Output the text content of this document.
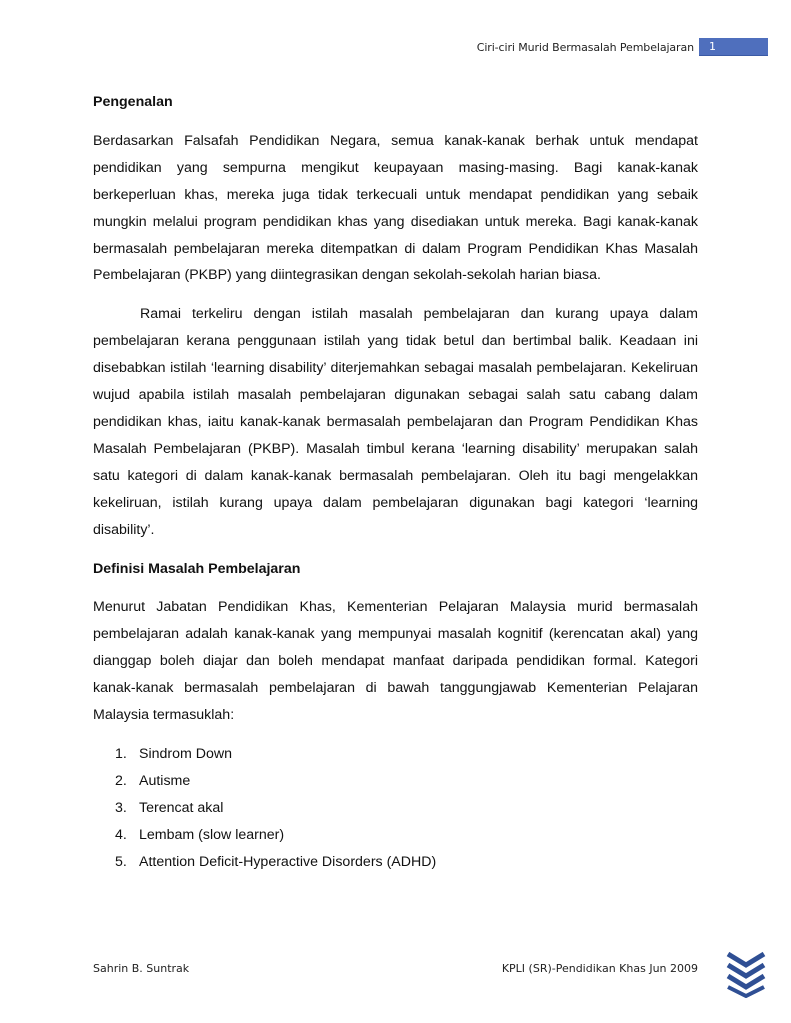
Ciri-ciri Murid Bermasalah Pembelajaran	1
Pengenalan

Berdasarkan Falsafah Pendidikan Negara, semua kanak-kanak berhak untuk mendapat pendidikan yang sempurna mengikut keupayaan masing-masing. Bagi kanak-kanak berkeperluan khas, mereka juga tidak terkecuali untuk mendapat pendidikan yang sebaik mungkin melalui program pendidikan khas yang disediakan untuk mereka. Bagi kanak-kanak bermasalah pembelajaran mereka ditempatkan di dalam Program Pendidikan Khas Masalah Pembelajaran (PKBP) yang diintegrasikan dengan sekolah-sekolah harian biasa.

Ramai terkeliru dengan istilah masalah pembelajaran dan kurang upaya dalam pembelajaran kerana penggunaan istilah yang tidak betul dan bertimbal balik. Keadaan ini disebabkan istilah ‘learning disability’ diterjemahkan sebagai masalah pembelajaran. Kekeliruan wujud apabila istilah masalah pembelajaran digunakan sebagai salah satu cabang dalam pendidikan khas, iaitu kanak-kanak bermasalah pembelajaran dan Program Pendidikan Khas Masalah Pembelajaran (PKBP). Masalah timbul kerana ‘learning disability’ merupakan salah satu kategori di dalam kanak-kanak bermasalah pembelajaran. Oleh itu bagi mengelakkan kekeliruan, istilah kurang upaya dalam pembelajaran digunakan bagi kategori ‘learning disability’.

Definisi Masalah Pembelajaran

Menurut Jabatan Pendidikan Khas, Kementerian Pelajaran Malaysia murid bermasalah pembelajaran adalah kanak-kanak yang mempunyai masalah kognitif (kerencatan akal) yang dianggap boleh diajar dan boleh mendapat manfaat daripada pendidikan formal. Kategori kanak-kanak bermasalah pembelajaran di bawah tanggungjawab Kementerian Pelajaran Malaysia termasuklah:

1. Sindrom Down
2. Autisme
3. Terencat akal
4. Lembam (slow learner)
5. Attention Deficit-Hyperactive Disorders (ADHD)
Sahrin B. Suntrak	KPLI (SR)-Pendidikan Khas Jun 2009
